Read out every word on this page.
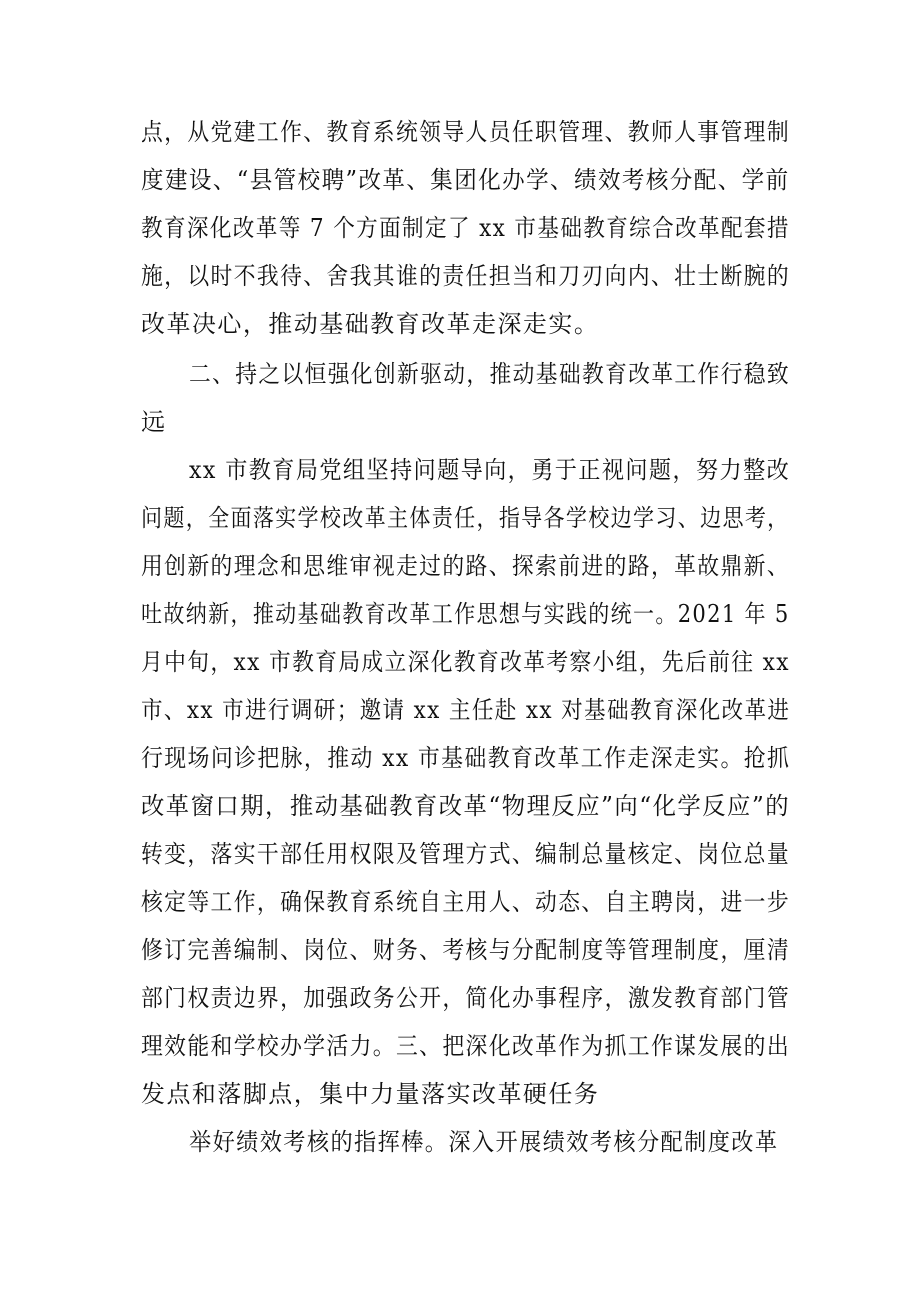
点，从党建工作、教育系统领导人员任职管理、教师人事管理制
度建设、“县管校聘”改革、集团化办学、绩效考核分配、学前
教育深化改革等 7 个方面制定了 xx 市基础教育综合改革配套措
施，以时不我待、舍我其谁的责任担当和刀刃向内、壮士断腕的
改革决心，推动基础教育改革走深走实。
二、持之以恒强化创新驱动，推动基础教育改革工作行稳致
远
xx 市教育局党组坚持问题导向，勇于正视问题，努力整改
问题，全面落实学校改革主体责任，指导各学校边学习、边思考，
用创新的理念和思维审视走过的路、探索前进的路，革故鼎新、
吐故纳新，推动基础教育改革工作思想与实践的统一。2021 年 5
月中旬，xx 市教育局成立深化教育改革考察小组，先后前往 xx
市、xx 市进行调研；邀请 xx 主任赴 xx 对基础教育深化改革进
行现场问诊把脉，推动 xx 市基础教育改革工作走深走实。抢抓
改革窗口期，推动基础教育改革“物理反应”向“化学反应”的
转变，落实干部任用权限及管理方式、编制总量核定、岗位总量
核定等工作，确保教育系统自主用人、动态、自主聘岗，进一步
修订完善编制、岗位、财务、考核与分配制度等管理制度，厘清
部门权责边界，加强政务公开，简化办事程序，激发教育部门管
理效能和学校办学活力。三、把深化改革作为抓工作谋发展的出
发点和落脚点，集中力量落实改革硬任务
举好绩效考核的指挥棒。深入开展绩效考核分配制度改革
